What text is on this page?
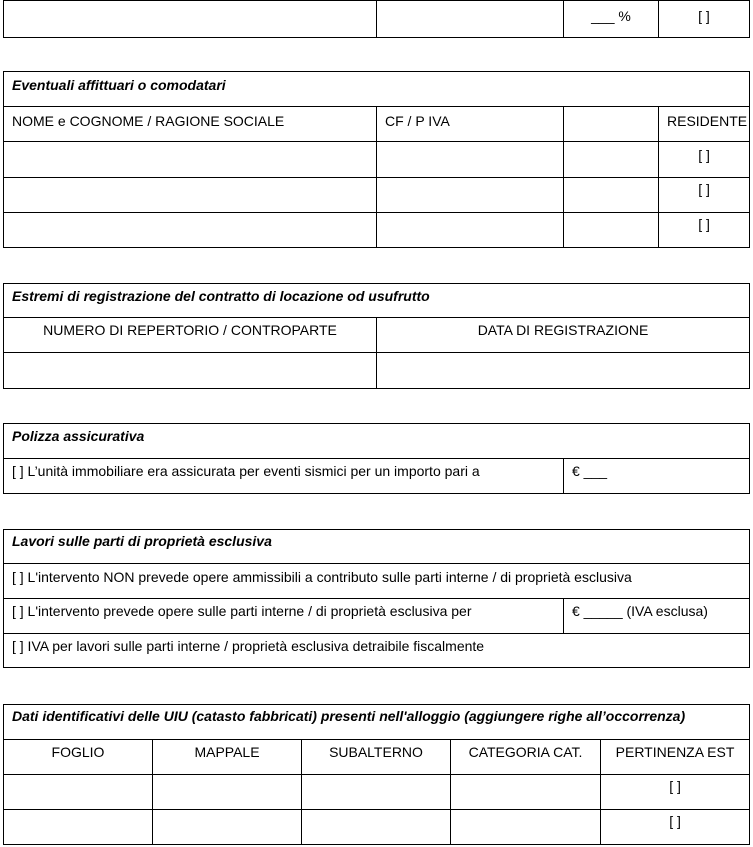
		___ %	[ ]
Eventuali affittuari o comodatari			
NOME e COGNOME / RAGIONE SOCIALE	CF / P IVA		RESIDENTE
			[ ]
			[ ]
			[ ]
Estremi di registrazione del contratto di locazione od usufrutto	
NUMERO DI REPERTORIO / CONTROPARTE	DATA DI REGISTRAZIONE

Polizza assicurativa
[ ] L’unità immobiliare era assicurata per eventi sismici per un importo pari a	€ ___
Lavori sulle parti di proprietà esclusiva
[ ] L'intervento NON prevede opere ammissibili a contributo sulle parti interne / di proprietà esclusiva
[ ] L'intervento prevede opere sulle parti interne / di proprietà esclusiva per	€ _____ (IVA esclusa)
[ ] IVA per lavori sulle parti interne / proprietà esclusiva detraibile fiscalmente
Dati identificativi delle UIU (catasto fabbricati) presenti nell'alloggio (aggiungere righe all’occorrenza)				
FOGLIO	MAPPALE	SUBALTERNO	CATEGORIA CAT.	PERTINENZA EST
				[ ]
				[ ]
